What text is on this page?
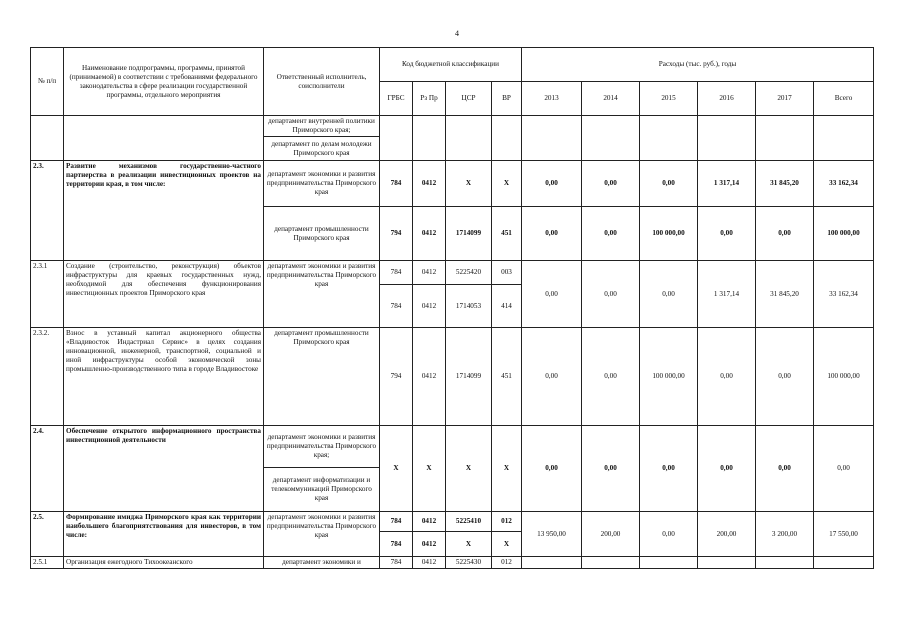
4
№ п/п	Наименование подпрограммы, программы, принятой (принимаемой) в соответствии с требованиями федерального законодательства в сфере реализации государственной программы, отдельного мероприятия	Ответственный исполнитель, соисполнители	Код бюджетной классификации				Расходы (тыс. руб.), годы					
			ГРБС	Рз Пр	ЦСР	ВР	2013	2014	2015	2016	2017	Всего
		департамент внутренней политики Приморского края;										
		департамент по делам молодежи Приморского края										
2.3.	Развитие механизмов государственно-частного партнерства в реализации инвестиционных проектов на территории края, в том числе:	департамент экономики и развития предпринимательства Приморского края	784	0412	Х	Х	0,00	0,00	0,00	1 317,14	31 845,20	33 162,34
		департамент промышленности Приморского края	794	0412	1714099	451	0,00	0,00	100 000,00	0,00	0,00	100 000,00
2.3.1	Создание (строительство, реконструкция) объектов инфраструктуры для краевых государственных нужд, необходимой для обеспечения функционирования инвестиционных проектов Приморского края	департамент экономики и развития предпринимательства Приморского края	784	0412	5225420	003	0,00	0,00	0,00	1 317,14	31 845,20	33 162,34
			784	0412	1714053	414						
2.3.2.	Взнос в уставный капитал акционерного общества «Владивосток Индастриал Сервис» в целях создания инновационной, инженерной, транспортной, социальной и иной инфраструктуры особой экономической зоны промышленно-производственного типа в городе Владивостоке	департамент промышленности Приморского края	794	0412	1714099	451	0,00	0,00	100 000,00	0,00	0,00	100 000,00
2.4.	Обеспечение открытого информационного пространства инвестиционной деятельности	департамент экономики и развития предпринимательства Приморского края;	Х	Х	Х	Х	0,00	0,00	0,00	0,00	0,00	0,00
		департамент информатизации и телекоммуникаций Приморского края										
2.5.	Формирование имиджа Приморского края как территории наибольшего благоприятствования для инвесторов, в том числе:	департамент экономики и развития предпринимательства Приморского края	784	0412	5225410	012	13 950,00	200,00	0,00	200,00	3 200,00	17 550,00
			784	0412	Х	Х						
2.5.1	Организация ежегодного Тихоокеанского	департамент экономики и	784	0412	5225430	012						
